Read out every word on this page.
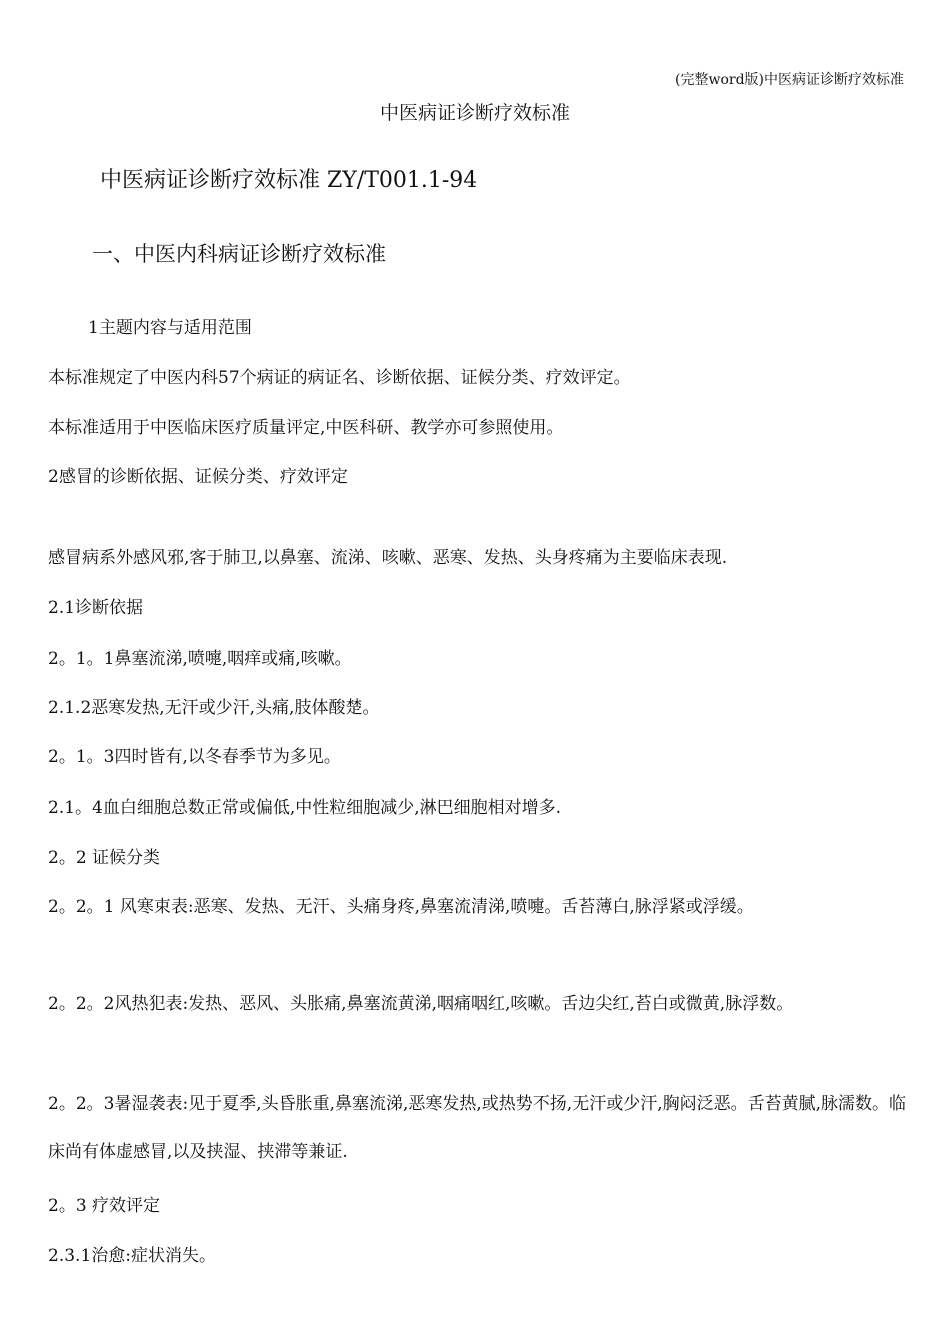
(完整word版)中医病证诊断疗效标准
中医病证诊断疗效标准
中医病证诊断疗效标准 ZY/T001.1-94
一、中医内科病证诊断疗效标准
1主题内容与适用范围
本标准规定了中医内科57个病证的病证名、诊断依据、证候分类、疗效评定。
本标准适用于中医临床医疗质量评定,中医科研、教学亦可参照使用。
2感冒的诊断依据、证候分类、疗效评定
感冒病系外感风邪,客于肺卫,以鼻塞、流涕、咳嗽、恶寒、发热、头身疼痛为主要临床表现.
2.1诊断依据
2。1。1鼻塞流涕,喷嚏,咽痒或痛,咳嗽。
2.1.2恶寒发热,无汗或少汗,头痛,肢体酸楚。
2。1。3四时皆有,以冬春季节为多见。
2.1。4血白细胞总数正常或偏低,中性粒细胞减少,淋巴细胞相对增多.
2。2 证候分类
2。2。1 风寒束表:恶寒、发热、无汗、头痛身疼,鼻塞流清涕,喷嚏。舌苔薄白,脉浮紧或浮缓。
2。2。2风热犯表:发热、恶风、头胀痛,鼻塞流黄涕,咽痛咽红,咳嗽。舌边尖红,苔白或微黄,脉浮数。
2。2。3暑湿袭表:见于夏季,头昏胀重,鼻塞流涕,恶寒发热,或热势不扬,无汗或少汗,胸闷泛恶。舌苔黄腻,脉濡数。临床尚有体虚感冒,以及挟湿、挟滞等兼证.
2。3 疗效评定
2.3.1治愈:症状消失。
